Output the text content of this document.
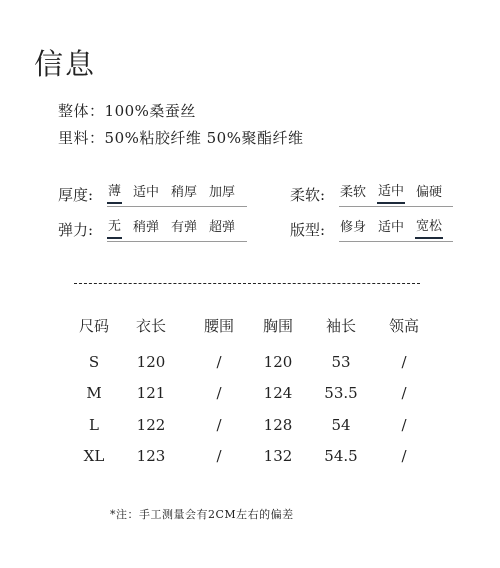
信息
整体：100%桑蚕丝
里料：50%粘胶纤维 50%聚酯纤维
厚度: 薄 适中 稍厚 加厚	柔软: 柔软 适中 偏硬
弹力: 无 稍弹 有弹 超弹	版型: 修身 适中 宽松
尺码	衣长	腰围	胸围	袖长	领高

S	120	/	120	53	/
M	121	/	124	53.5	/
L	122	/	128	54	/
XL	123	/	132	54.5	/
*注：手工测量会有2CM左右的偏差
